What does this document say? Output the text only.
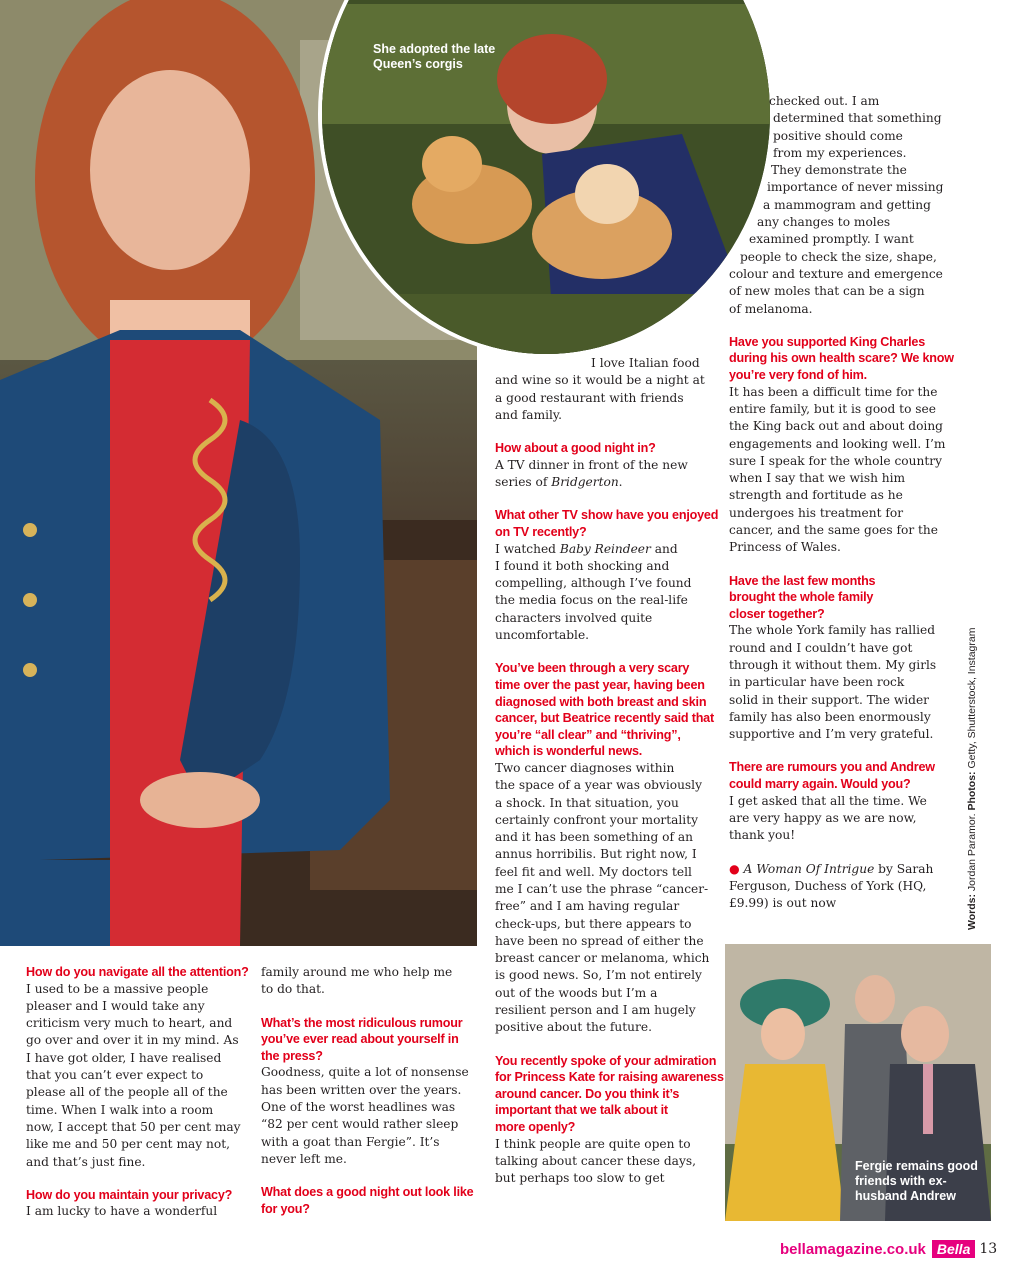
She adopted the late
Queen’s corgis
How do you navigate all the attention?
I used to be a massive people
pleaser and I would take any
criticism very much to heart, and
go over and over it in my mind. As
I have got older, I have realised
that you can’t ever expect to
please all of the people all of the
time. When I walk into a room
now, I accept that 50 per cent may
like me and 50 per cent may not,
and that’s just fine.
How do you maintain your privacy?
I am lucky to have a wonderful
family around me who help me
to do that.
What’s the most ridiculous rumour
you’ve ever read about yourself in
the press?
Goodness, quite a lot of nonsense
has been written over the years.
One of the worst headlines was
“82 per cent would rather sleep
with a goat than Fergie”. It’s
never left me.
What does a good night out look like
for you?
I love Italian food
and wine so it would be a night at
a good restaurant with friends
and family.
How about a good night in?
A TV dinner in front of the new
series of Bridgerton.
What other TV show have you enjoyed
on TV recently?
I watched Baby Reindeer and
I found it both shocking and
compelling, although I’ve found
the media focus on the real-life
characters involved quite
uncomfortable.
You’ve been through a very scary
time over the past year, having been
diagnosed with both breast and skin
cancer, but Beatrice recently said that
you’re “all clear” and “thriving”,
which is wonderful news.
Two cancer diagnoses within
the space of a year was obviously
a shock. In that situation, you
certainly confront your mortality
and it has been something of an
annus horribilis. But right now, I
feel fit and well. My doctors tell
me I can’t use the phrase “cancer-
free” and I am having regular
check-ups, but there appears to
have been no spread of either the
breast cancer or melanoma, which
is good news. So, I’m not entirely
out of the woods but I’m a
resilient person and I am hugely
positive about the future.
You recently spoke of your admiration
for Princess Kate for raising awareness
around cancer. Do you think it’s
important that we talk about it
more openly?
I think people are quite open to
talking about cancer these days,
but perhaps too slow to get
checked out. I am
determined that something
positive should come
from my experiences.
They demonstrate the
importance of never missing
a mammogram and getting
any changes to moles
examined promptly. I want
people to check the size, shape,
colour and texture and emergence
of new moles that can be a sign
of melanoma.
Have you supported King Charles
during his own health scare? We know
you’re very fond of him.
It has been a difficult time for the
entire family, but it is good to see
the King back out and about doing
engagements and looking well. I’m
sure I speak for the whole country
when I say that we wish him
strength and fortitude as he
undergoes his treatment for
cancer, and the same goes for the
Princess of Wales.
Have the last few months
brought the whole family
closer together?
The whole York family has rallied
round and I couldn’t have got
through it without them. My girls
in particular have been rock
solid in their support. The wider
family has also been enormously
supportive and I’m very grateful.
There are rumours you and Andrew
could marry again. Would you?
I get asked that all the time. We
are very happy as we are now,
thank you!
● A Woman Of Intrigue by Sarah
Ferguson, Duchess of York (HQ,
£9.99) is out now	Words: Jordan Paramor. Photos: Getty, Shutterstock, Instagram
Fergie remains good
friends with ex-
husband Andrew
bellamagazine.co.uk Bella 13
